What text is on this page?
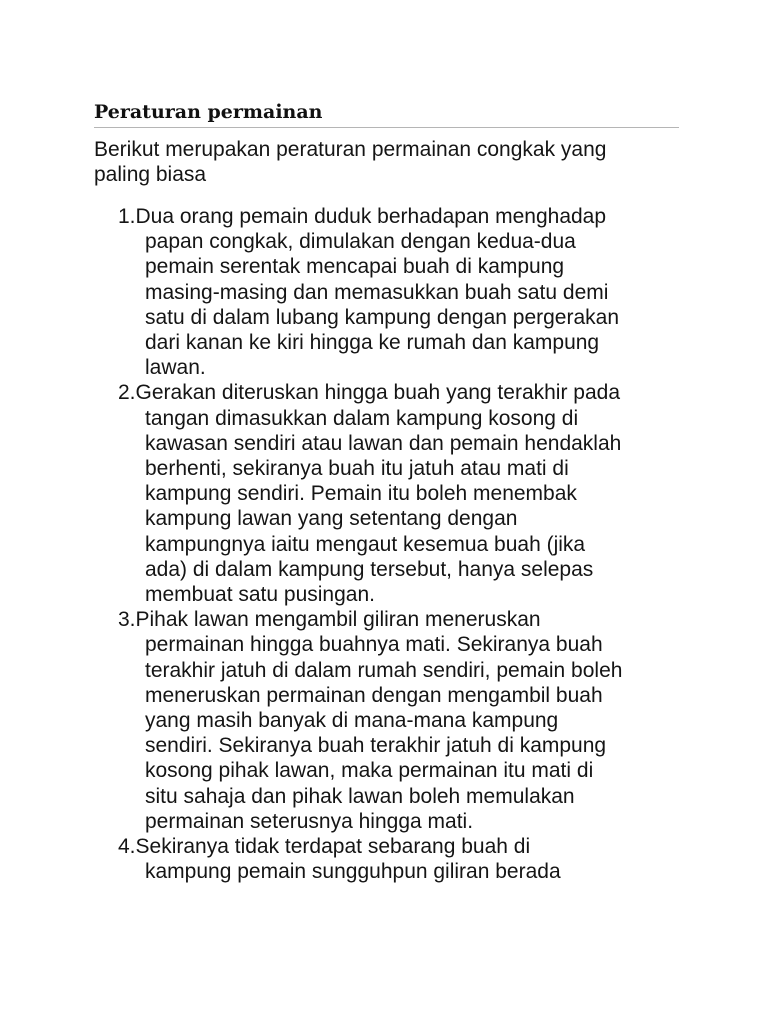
Peraturan permainan

Berikut merupakan peraturan permainan congkak yang
paling biasa

1.Dua orang pemain duduk berhadapan menghadap
papan congkak, dimulakan dengan kedua-dua
pemain serentak mencapai buah di kampung
masing-masing dan memasukkan buah satu demi
satu di dalam lubang kampung dengan pergerakan
dari kanan ke kiri hingga ke rumah dan kampung
lawan.
2.Gerakan diteruskan hingga buah yang terakhir pada
tangan dimasukkan dalam kampung kosong di
kawasan sendiri atau lawan dan pemain hendaklah
berhenti, sekiranya buah itu jatuh atau mati di
kampung sendiri. Pemain itu boleh menembak
kampung lawan yang setentang dengan
kampungnya iaitu mengaut kesemua buah (jika
ada) di dalam kampung tersebut, hanya selepas
membuat satu pusingan.
3.Pihak lawan mengambil giliran meneruskan
permainan hingga buahnya mati. Sekiranya buah
terakhir jatuh di dalam rumah sendiri, pemain boleh
meneruskan permainan dengan mengambil buah
yang masih banyak di mana-mana kampung
sendiri. Sekiranya buah terakhir jatuh di kampung
kosong pihak lawan, maka permainan itu mati di
situ sahaja dan pihak lawan boleh memulakan
permainan seterusnya hingga mati.
4.Sekiranya tidak terdapat sebarang buah di
kampung pemain sungguhpun giliran berada
